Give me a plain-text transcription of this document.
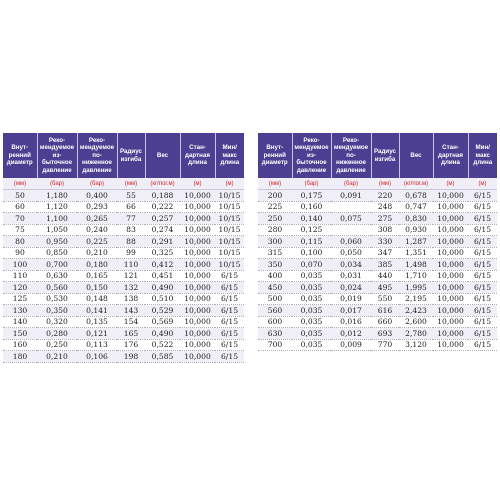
Внут-
ренний
диаметр	Реко-
мендуемое из-
быточное
давление	Реко-
мендуемое по-
ниженное
давление	Радиус
изгиба	Вес	Стан-
дартная
длина	Мин/
макс
длина
(мм)	(бар)	(бар)	(мм)	(кг/пог.м)	(м)	(м)
50	1,180	0,400	55	0,188	10,000	10/15
60	1,120	0,293	66	0,222	10,000	10/15
70	1,100	0,265	77	0,257	10,000	10/15
75	1,050	0,240	83	0,274	10,000	10/15
80	0,950	0,225	88	0,291	10,000	10/15
90	0,850	0,210	99	0,325	10,000	10/15
100	0,700	0,180	110	0,412	10,000	10/15
110	0,630	0,165	121	0,451	10,000	6/15
120	0,560	0,150	132	0,490	10,000	6/15
125	0,530	0,148	138	0,510	10,000	6/15
130	0,350	0,141	143	0,529	10,000	6/15
140	0,320	0,135	154	0,569	10,000	6/15
150	0,280	0,121	165	0,490	10,000	6/15
160	0,250	0,113	176	0,522	10,000	6/15
180	0,210	0,106	198	0,585	10,000	6/15
Внут-
ренний
диаметр	Реко-
мендуемое из-
быточное
давление	Реко-
мендуемое по-
ниженное
давление	Радиус
изгиба	Вес	Стан-
дартная
длина	Мин/
макс
длина
(мм)	(бар)	(бар)	(мм)	(кг/пог.м)	(м)	(м)
200	0,175	0,091	220	0,678	10,000	6/15
225	0,160		248	0,747	10,000	6/15
250	0,140	0,075	275	0,830	10,000	6/15
280	0,125		308	0,930	10,000	6/15
300	0,115	0,060	330	1,287	10,000	6/15
315	0,100	0,050	347	1,351	10,000	6/15
350	0,070	0,034	385	1,498	10,000	6/15
400	0,035	0,031	440	1,710	10,000	6/15
450	0,035	0,024	495	1,995	10,000	6/15
500	0,035	0,019	550	2,195	10,000	6/15
560	0,035	0,017	616	2,423	10,000	6/15
600	0,035	0,016	660	2,600	10,000	6/15
630	0,035	0,012	693	2,780	10,000	6/15
700	0,035	0,009	770	3,120	10,000	6/15
